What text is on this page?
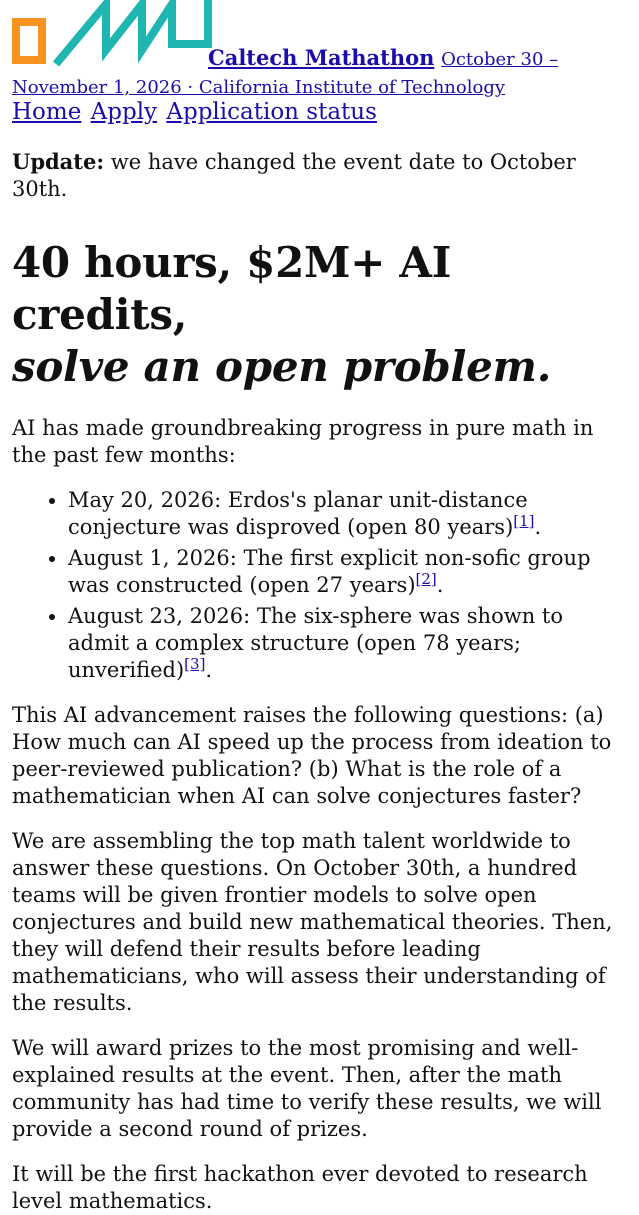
Caltech Mathathon October 30 – November 1, 2026 · California Institute of Technology
Home Apply Application status

Update: we have changed the event date to October 30th.

40 hours, $2M+ AI credits,
solve an open problem.

AI has made groundbreaking progress in pure math in the past few months:

• May 20, 2026: Erdos's planar unit-distance conjecture was disproved (open 80 years)[1].
• August 1, 2026: The first explicit non-sofic group was constructed (open 27 years)[2].
• August 23, 2026: The six-sphere was shown to admit a complex structure (open 78 years; unverified)[3].

This AI advancement raises the following questions: (a) How much can AI speed up the process from ideation to peer-reviewed publication? (b) What is the role of a mathematician when AI can solve conjectures faster?

We are assembling the top math talent worldwide to answer these questions. On October 30th, a hundred teams will be given frontier models to solve open conjectures and build new mathematical theories. Then, they will defend their results before leading mathematicians, who will assess their understanding of the results.

We will award prizes to the most promising and well-explained results at the event. Then, after the math community has had time to verify these results, we will provide a second round of prizes.

It will be the first hackathon ever devoted to research level mathematics.
